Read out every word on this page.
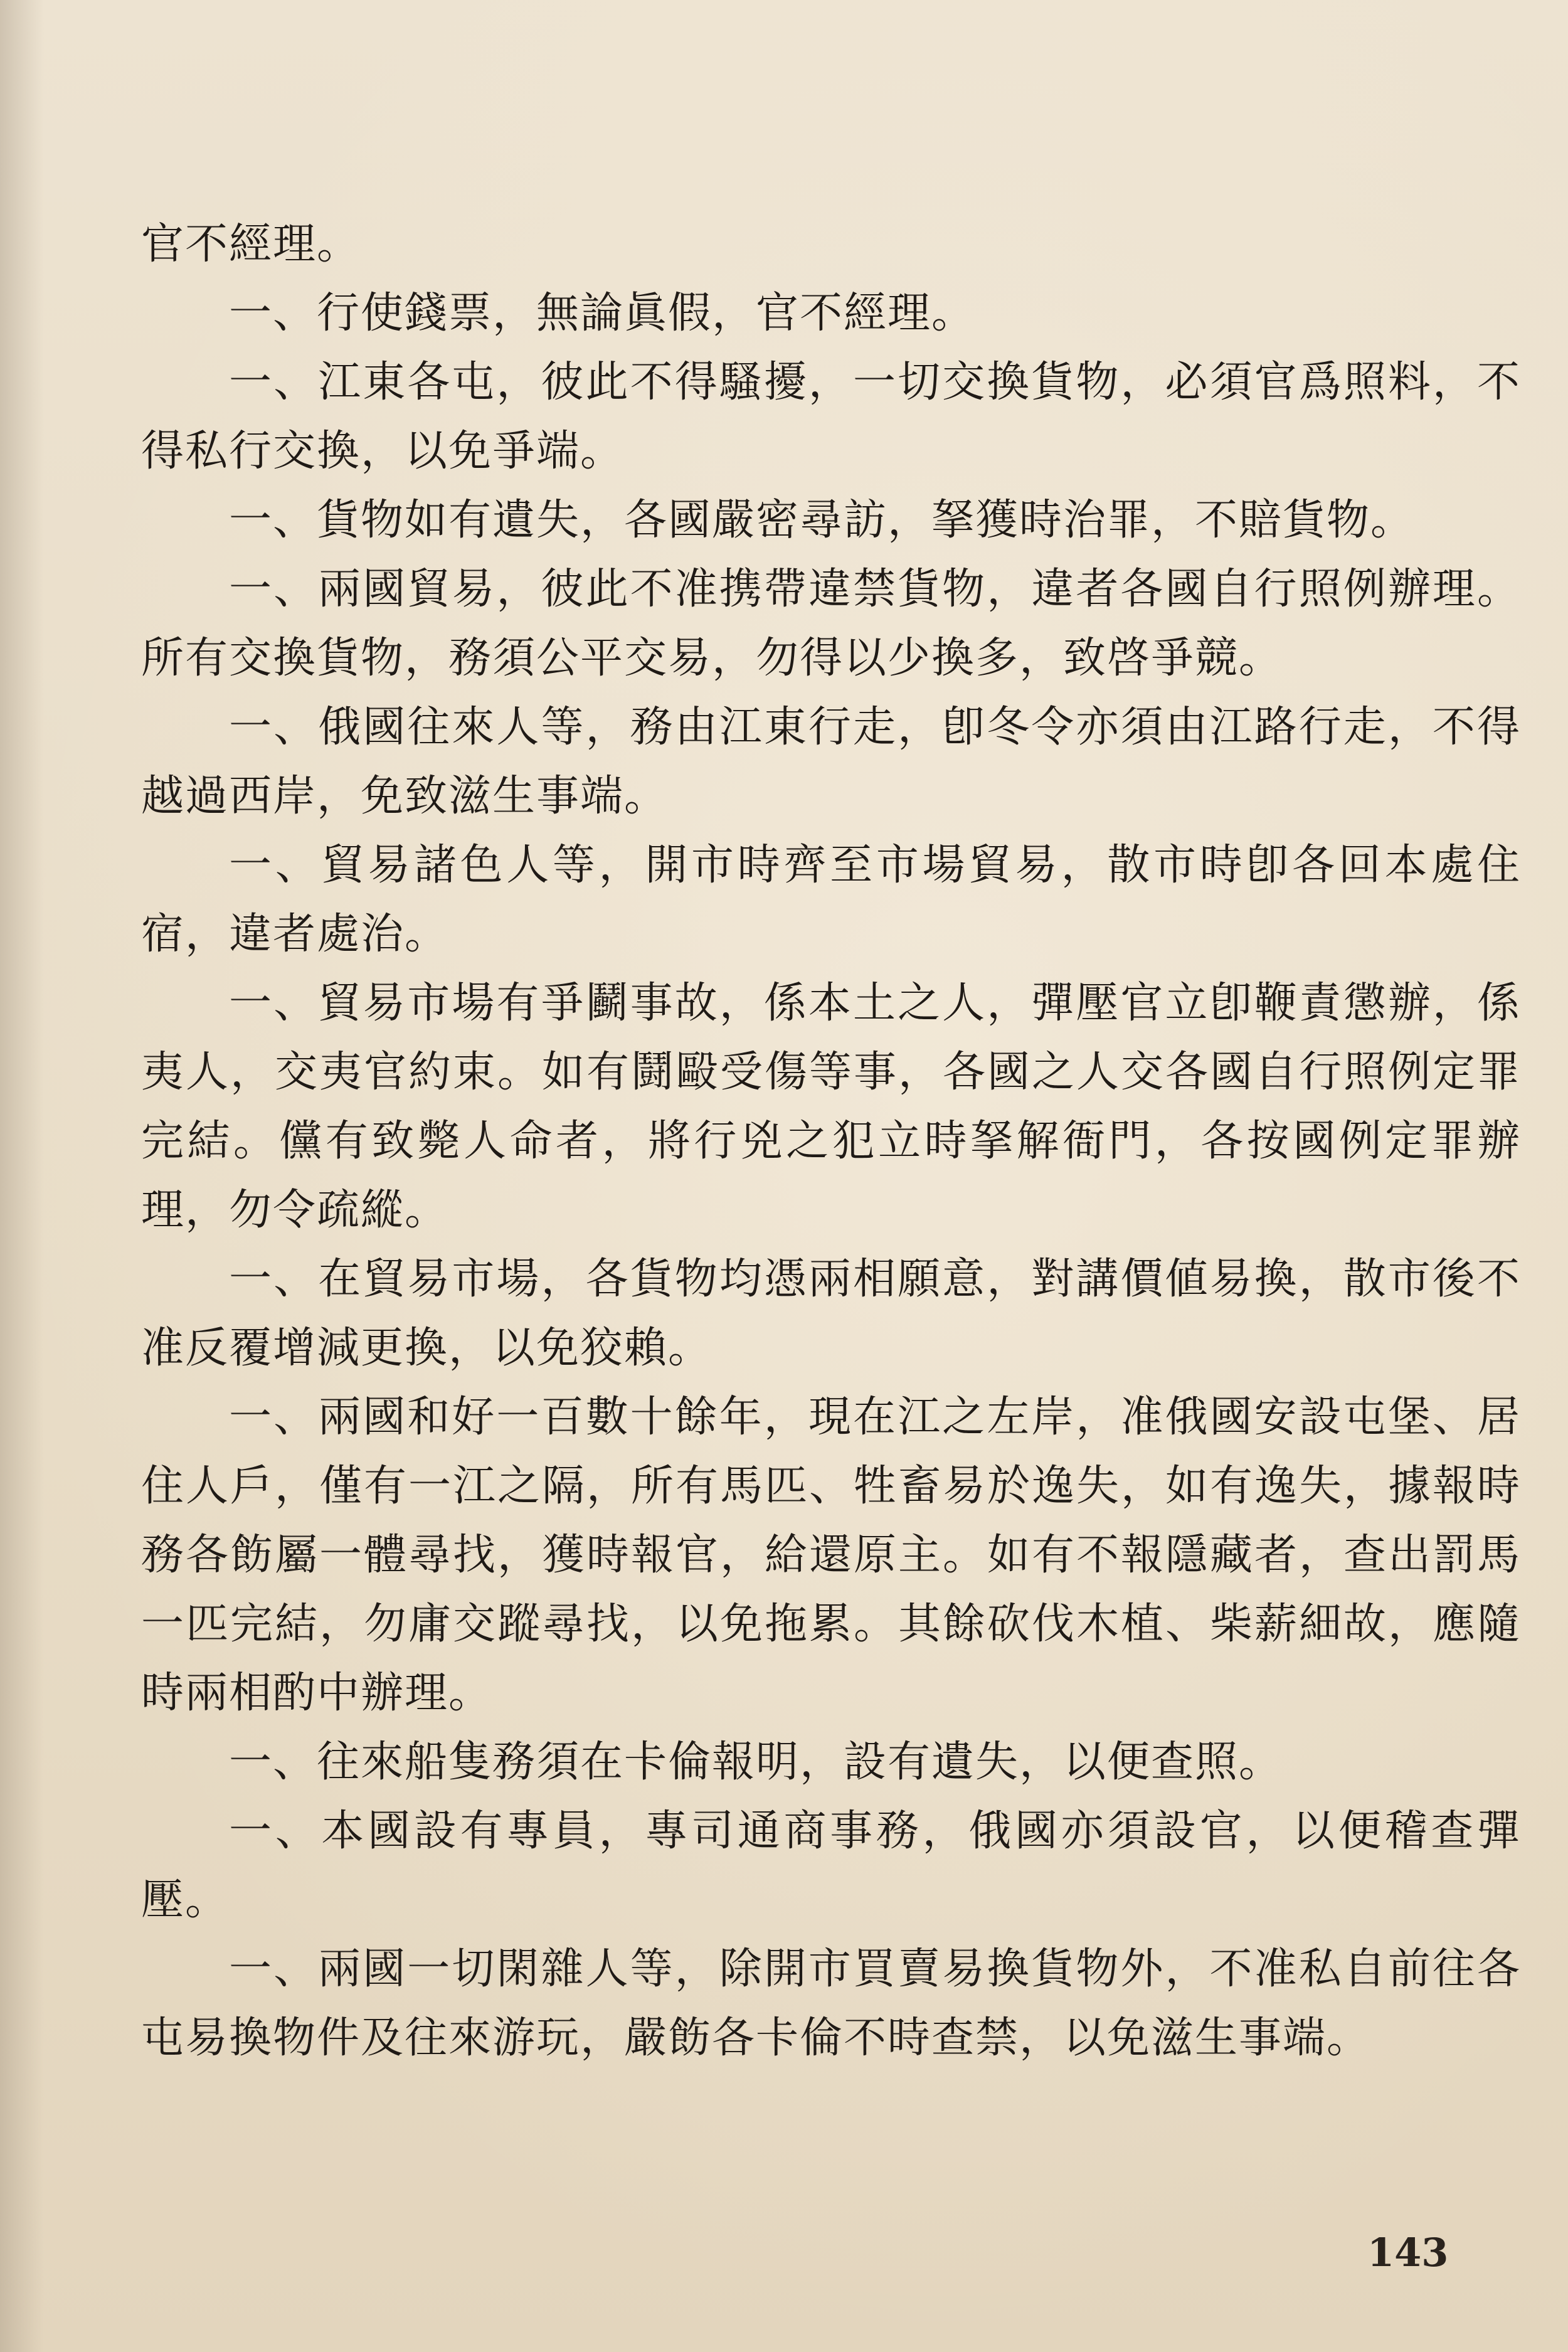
官不經理。

一、行使錢票，無論眞假，官不經理。

一、江東各屯，彼此不得騷擾，一切交換貨物，必須官爲照料，不得私行交換，以免爭端。

一、貨物如有遺失，各國嚴密尋訪，拏獲時治罪，不賠貨物。

一、兩國貿易，彼此不准携帶違禁貨物，違者各國自行照例辦理。所有交換貨物，務須公平交易，勿得以少換多，致啓爭競。

一、俄國往來人等，務由江東行走，卽冬令亦須由江路行走，不得越過西岸，免致滋生事端。

一、貿易諸色人等，開市時齊至市場貿易，散市時卽各回本處住宿，違者處治。

一、貿易市場有爭鬬事故，係本土之人，彈壓官立卽鞭責懲辦，係夷人，交夷官約束。如有鬪毆受傷等事，各國之人交各國自行照例定罪完結。儻有致斃人命者，將行兇之犯立時拏解衙門，各按國例定罪辦理，勿令疏縱。

一、在貿易市場，各貨物均憑兩相願意，對講價値易換，散市後不准反覆增減更換，以免狡賴。

一、兩國和好一百數十餘年，現在江之左岸，准俄國安設屯堡、居住人戶，僅有一江之隔，所有馬匹、牲畜易於逸失，如有逸失，據報時務各飭屬一體尋找，獲時報官，給還原主。如有不報隱藏者，查出罰馬一匹完結，勿庸交蹤尋找，以免拖累。其餘砍伐木植、柴薪細故，應隨時兩相酌中辦理。

一、往來船隻務須在卡倫報明，設有遺失，以便查照。

一、本國設有專員，專司通商事務，俄國亦須設官，以便稽查彈壓。

一、兩國一切閑雜人等，除開市買賣易換貨物外，不准私自前往各屯易換物件及往來游玩，嚴飭各卡倫不時查禁，以免滋生事端。

143
